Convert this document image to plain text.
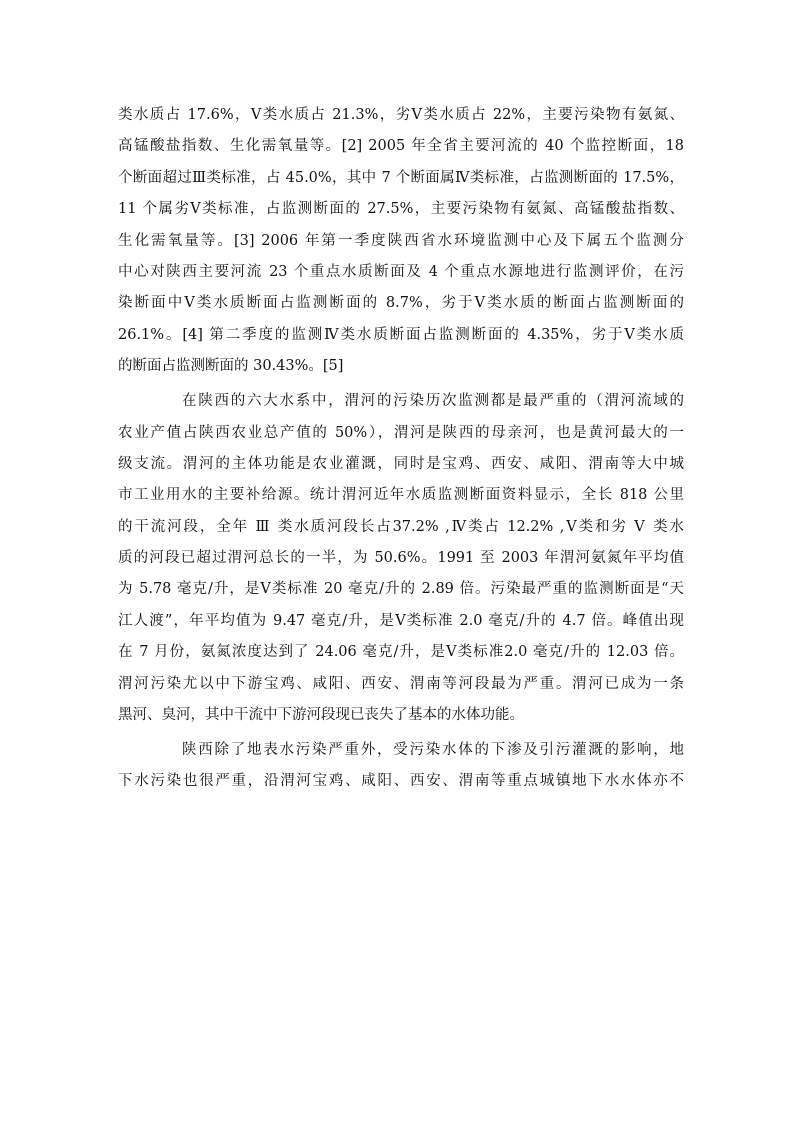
类水质占 17.6%，Ⅴ类水质占 21.3%，劣Ⅴ类水质占 22%，主要污染物有氨氮、
高锰酸盐指数、生化需氧量等。[2] 2005 年全省主要河流的 40 个监控断面，18
个断面超过Ⅲ类标准，占 45.0%，其中 7 个断面属Ⅳ类标准，占监测断面的 17.5%，
11 个属劣Ⅴ类标准，占监测断面的 27.5%，主要污染物有氨氮、高锰酸盐指数、
生化需氧量等。[3] 2006 年第一季度陕西省水环境监测中心及下属五个监测分
中心对陕西主要河流 23 个重点水质断面及 4 个重点水源地进行监测评价，在污
染断面中Ⅴ类水质断面占监测断面的 8.7%，劣于Ⅴ类水质的断面占监测断面的
26.1%。[4] 第二季度的监测Ⅳ类水质断面占监测断面的 4.35%，劣于Ⅴ类水质
的断面占监测断面的 30.43%。[5]
在陕西的六大水系中，渭河的污染历次监测都是最严重的（渭河流域的
农业产值占陕西农业总产值的 50%），渭河是陕西的母亲河，也是黄河最大的一
级支流。渭河的主体功能是农业灌溉，同时是宝鸡、西安、咸阳、渭南等大中城
市工业用水的主要补给源。统计渭河近年水质监测断面资料显示，全长 818 公里
的干流河段，全年 Ⅲ 类水质河段长占37.2% ,Ⅳ类占 12.2% ,Ⅴ类和劣 Ⅴ 类水
质的河段已超过渭河总长的一半，为 50.6%。1991 至 2003 年渭河氨氮年平均值
为 5.78 毫克/升，是Ⅴ类标准 20 毫克/升的 2.89 倍。污染最严重的监测断面是“天
江人渡”，年平均值为 9.47 毫克/升，是Ⅴ类标准 2.0 毫克/升的 4.7 倍。峰值出现
在 7 月份，氨氮浓度达到了 24.06 毫克/升，是Ⅴ类标准2.0 毫克/升的 12.03 倍。
渭河污染尤以中下游宝鸡、咸阳、西安、渭南等河段最为严重。渭河已成为一条
黑河、臭河，其中干流中下游河段现已丧失了基本的水体功能。
陕西除了地表水污染严重外，受污染水体的下渗及引污灌溉的影响，地
下水污染也很严重，沿渭河宝鸡、咸阳、西安、渭南等重点城镇地下水水体亦不
